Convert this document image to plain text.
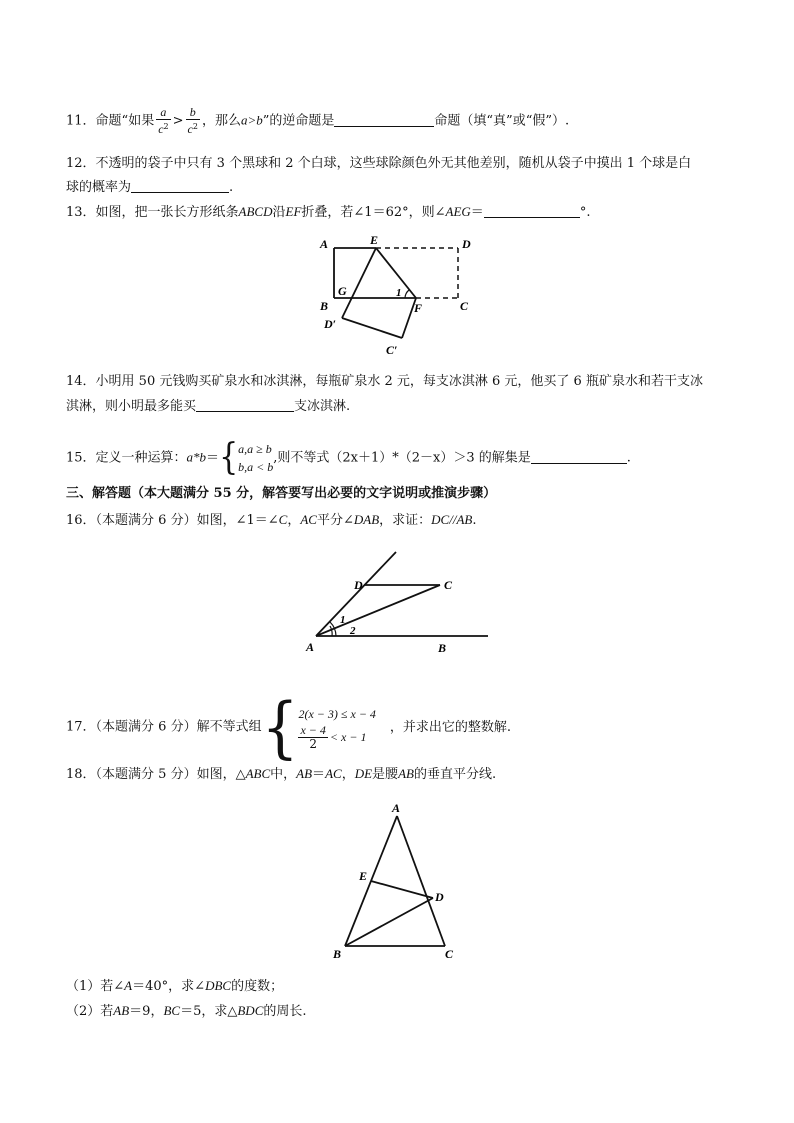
11．命题“如果 $\frac{a}{c^2} > \frac{b}{c^2}$ ，那么a>b”的逆命题是	命题（填“真”或“假”）.
12．不透明的袋子中只有 3 个黑球和 2 个白球，这些球除颜色外无其他差别，随机从袋子中摸出 1 个球是白
球的概率为	.
13．如图，把一张长方形纸条ABCD沿EF折叠，若∠1＝62°，则∠AEG＝	°.
A	E	D
B
G	1
F	C
D′
C′
14．小明用 50 元钱购买矿泉水和冰淇淋，每瓶矿泉水 2 元，每支冰淇淋 6 元，他买了 6 瓶矿泉水和若干支冰
淇淋，则小明最多能买	支冰淇淋.
15．定义一种运算：a*b＝{ a,a ≥ b
b,a < b
,则不等式（2x＋1）*（2－x）＞3 的解集是	.
三、解答题（本大题满分 55 分，解答要写出必要的文字说明或推演步骤）
16．（本题满分 6 分）如图，∠1＝∠C，AC平分∠DAB，求证：DC//AB.
D	C
1
2
A	B
17．（本题满分 6 分）解不等式组{ 2(x − 3) ≤ x − 4
$\frac{x - 4}{2} < x - 1$
，并求出它的整数解.
18．（本题满分 5 分）如图，△ABC中，AB＝AC，DE是腰AB的垂直平分线.
A
E
D
B	C
（1）若∠A＝40°，求∠DBC的度数；
（2）若AB＝9，BC＝5，求△BDC的周长.
